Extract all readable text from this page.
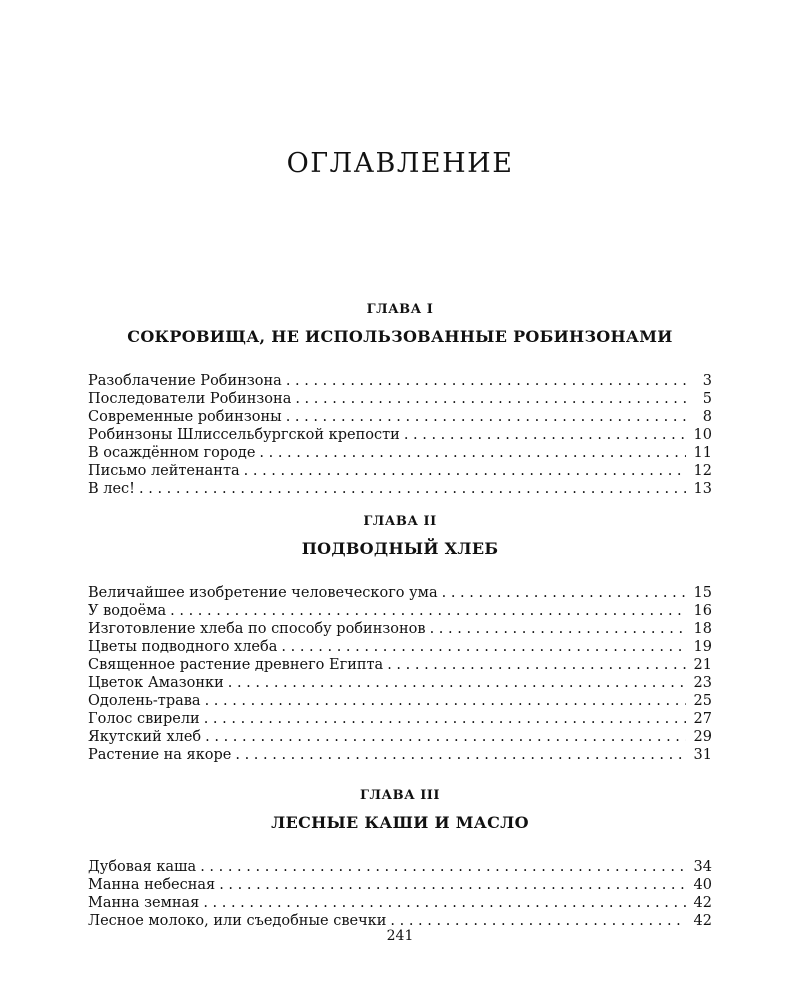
ОГЛАВЛЕНИЕ
ГЛАВА I
СОКРОВИЩА, НЕ ИСПОЛЬЗОВАННЫЕ РОБИНЗОНАМИ
Разоблачение Робинзона . . .	3
Последователи Робинзона . . .	5
Современные робинзоны . . .	8
Робинзоны Шлиссельбургской крепости . . .	10
В осаждённом городе . . .	11
Письмо лейтенанта . . .	12
В лес! . . .	13
ГЛАВА II
ПОДВОДНЫЙ ХЛЕБ
Величайшее изобретение человеческого ума . . .	15
У водоёма . . .	16
Изготовление хлеба по способу робинзонов . . .	18
Цветы подводного хлеба . . .	19
Священное растение древнего Египта . . .	21
Цветок Амазонки . . .	23
Одолень-трава . . .	25
Голос свирели . . .	27
Якутский хлеб . . .	29
Растение на якоре . . .	31
ГЛАВА III
ЛЕСНЫЕ КАШИ И МАСЛО
Дубовая каша . . .	34
Манна небесная . . .	40
Манна земная . . .	42
Лесное молоко, или съедобные свечки . . .	42
241
